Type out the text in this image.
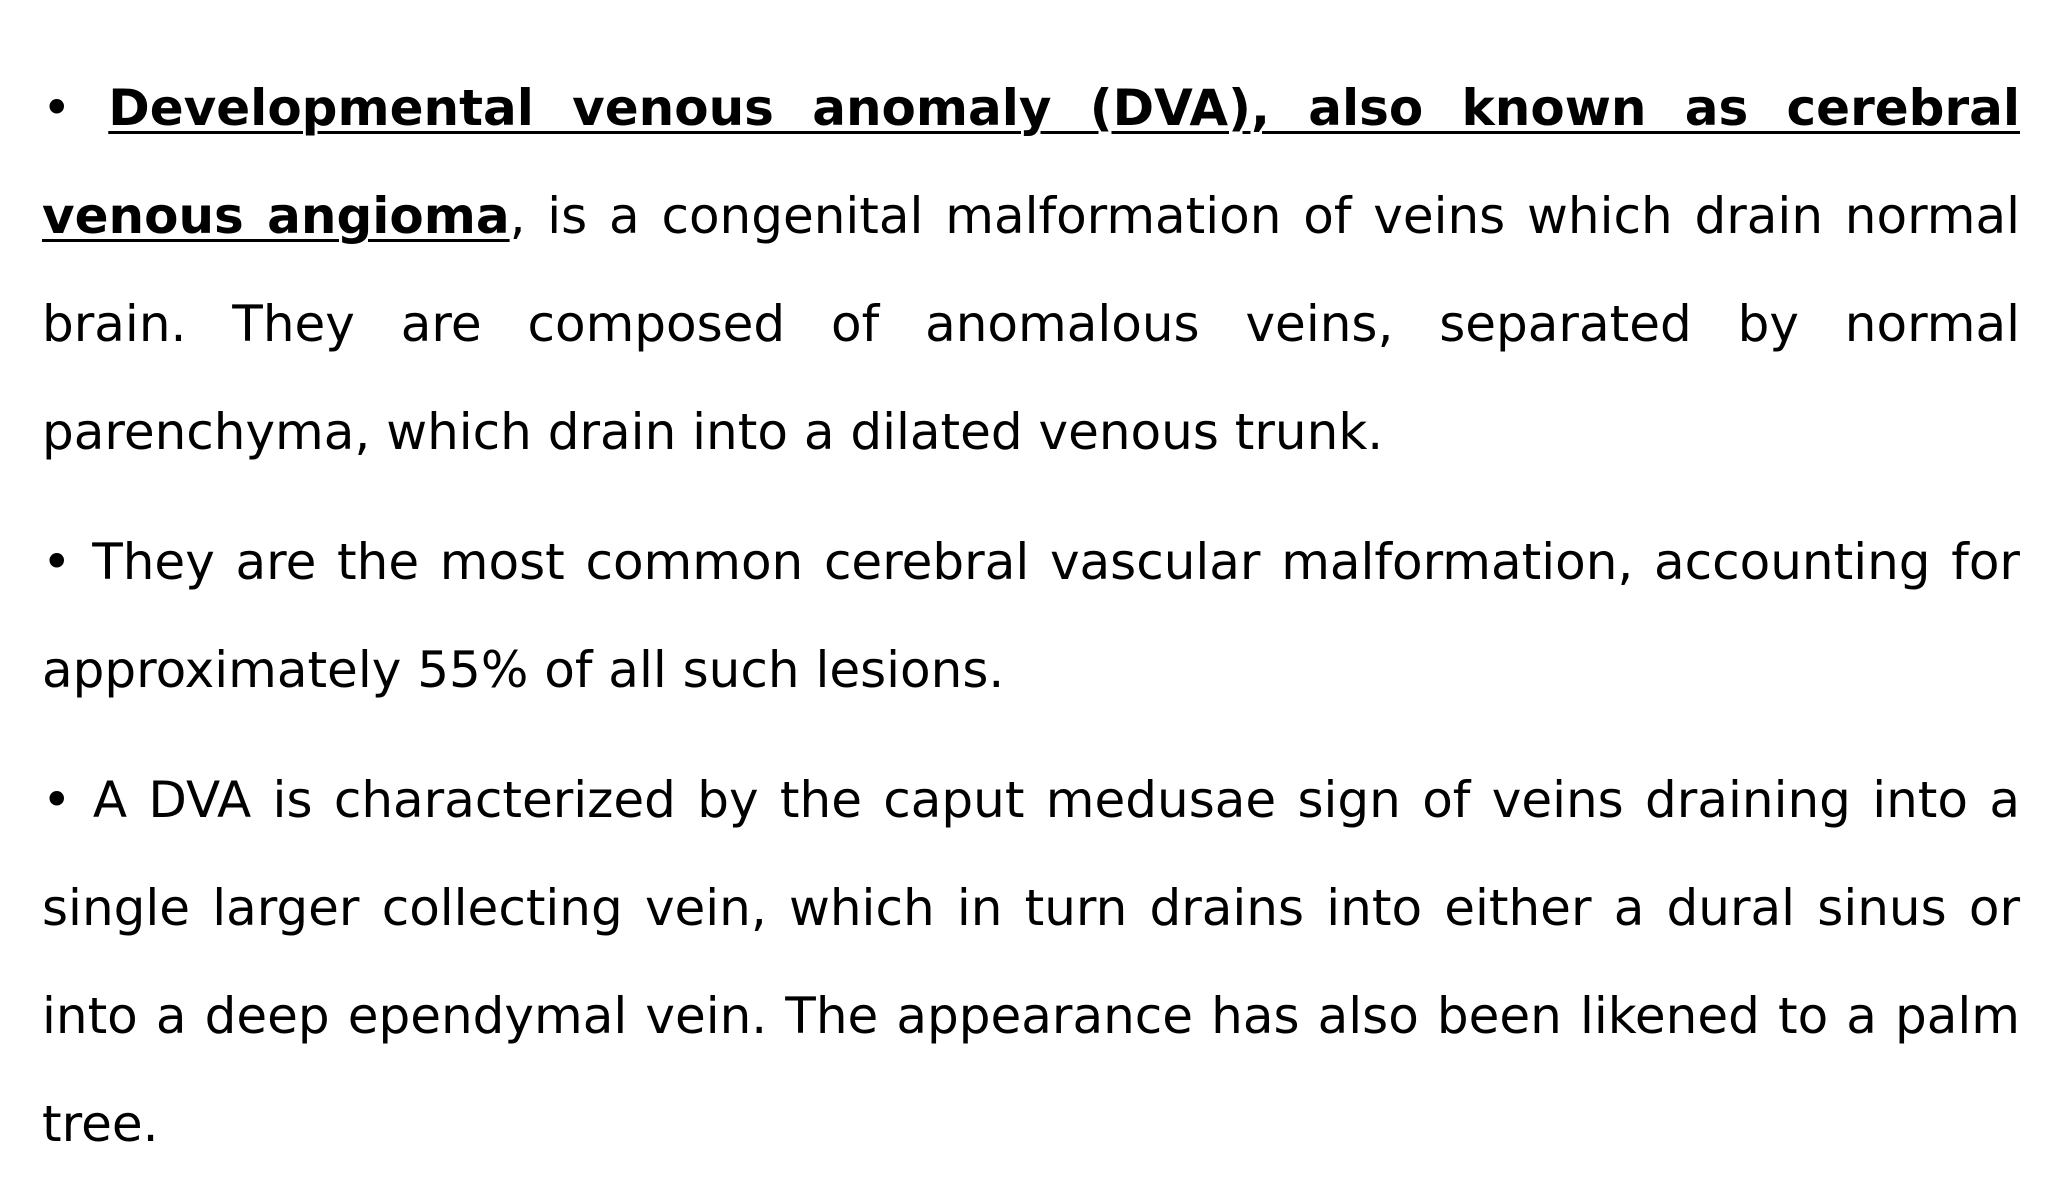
• Developmental venous anomaly (DVA), also known as cerebral venous angioma, is a congenital malformation of veins which drain normal brain. They are composed of anomalous veins, separated by normal parenchyma, which drain into a dilated venous trunk.

• They are the most common cerebral vascular malformation, accounting for approximately 55% of all such lesions.

• A DVA is characterized by the caput medusae sign of veins draining into a single larger collecting vein, which in turn drains into either a dural sinus or into a deep ependymal vein. The appearance has also been likened to a palm tree.
